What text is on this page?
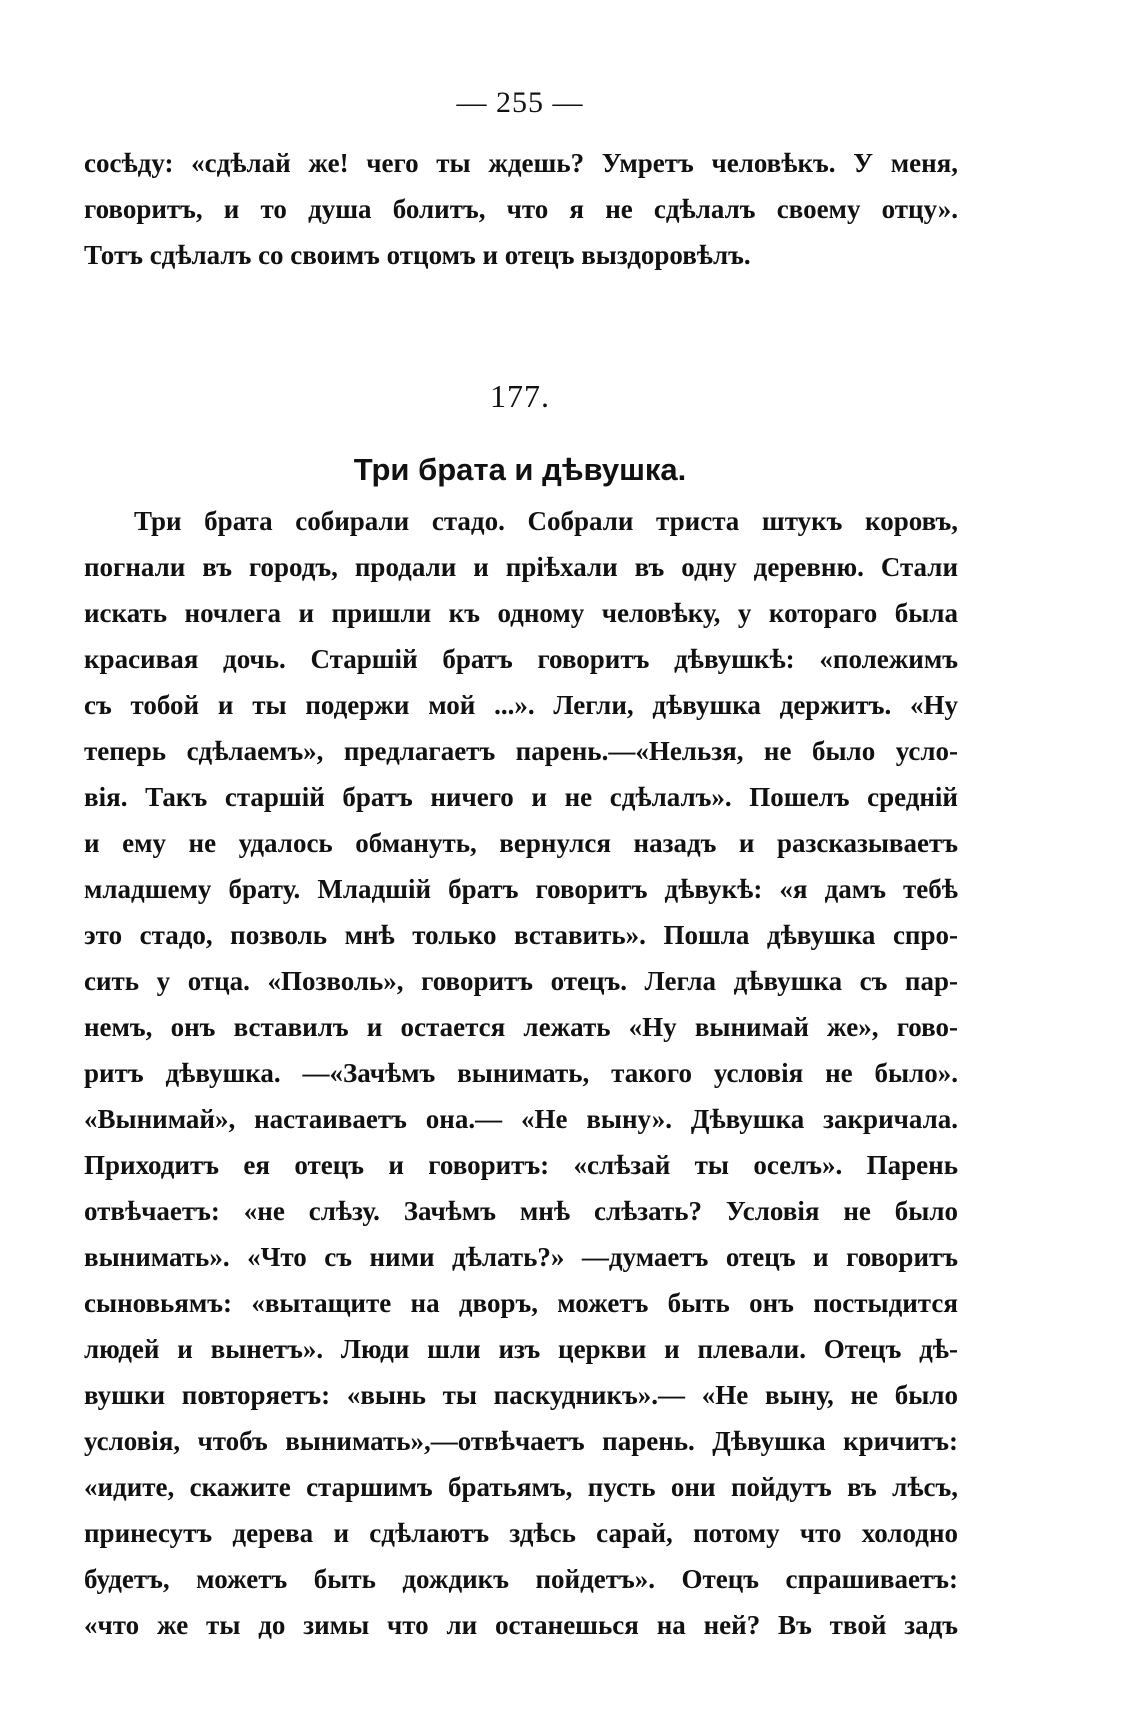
— 255 —
сосѣду: «сдѣлай же! чего ты ждешь? Умретъ человѣкъ. У меня,
говоритъ, и то душа болитъ, что я не сдѣлалъ своему отцу».
Тотъ сдѣлалъ со своимъ отцомъ и отецъ выздоровѣлъ.
177.
Три брата и дѣвушка.
Три брата собирали стадо. Собрали триста штукъ коровъ,
погнали въ городъ, продали и пріѣхали въ одну деревню. Стали
искать ночлега и пришли къ одному человѣку, у котораго была
красивая дочь. Старшій братъ говоритъ дѣвушкѣ: «полежимъ
съ тобой и ты подержи мой ...». Легли, дѣвушка держитъ. «Ну
теперь сдѣлаемъ», предлагаетъ парень.—«Нельзя, не было усло-
вія. Такъ старшій братъ ничего и не сдѣлалъ». Пошелъ средній
и ему не удалось обмануть, вернулся назадъ и разсказываетъ
младшему брату. Младшій братъ говоритъ дѣвукѣ: «я дамъ тебѣ
это стадо, позволь мнѣ только вставить». Пошла дѣвушка спро-
сить у отца. «Позволь», говоритъ отецъ. Легла дѣвушка съ пар-
немъ, онъ вставилъ и остается лежать «Ну вынимай же», гово-
ритъ дѣвушка. —«Зачѣмъ вынимать, такого условія не было».
«Вынимай», настаиваетъ она.— «Не выну». Дѣвушка закричала.
Приходитъ ея отецъ и говоритъ: «слѣзай ты оселъ». Парень
отвѣчаетъ: «не слѣзу. Зачѣмъ мнѣ слѣзать? Условія не было
вынимать». «Что съ ними дѣлать?» —думаетъ отецъ и говоритъ
сыновьямъ: «вытащите на дворъ, можетъ быть онъ постыдится
людей и вынетъ». Люди шли изъ церкви и плевали. Отецъ дѣ-
вушки повторяетъ: «вынь ты паскудникъ».— «Не выну, не было
условія, чтобъ вынимать»,—отвѣчаетъ парень. Дѣвушка кричитъ:
«идите, скажите старшимъ братьямъ, пусть они пойдутъ въ лѣсъ,
принесутъ дерева и сдѣлаютъ здѣсь сарай, потому что холодно
будетъ, можетъ быть дождикъ пойдетъ». Отецъ спрашиваетъ:
«что же ты до зимы что ли останешься на ней? Въ твой задъ
